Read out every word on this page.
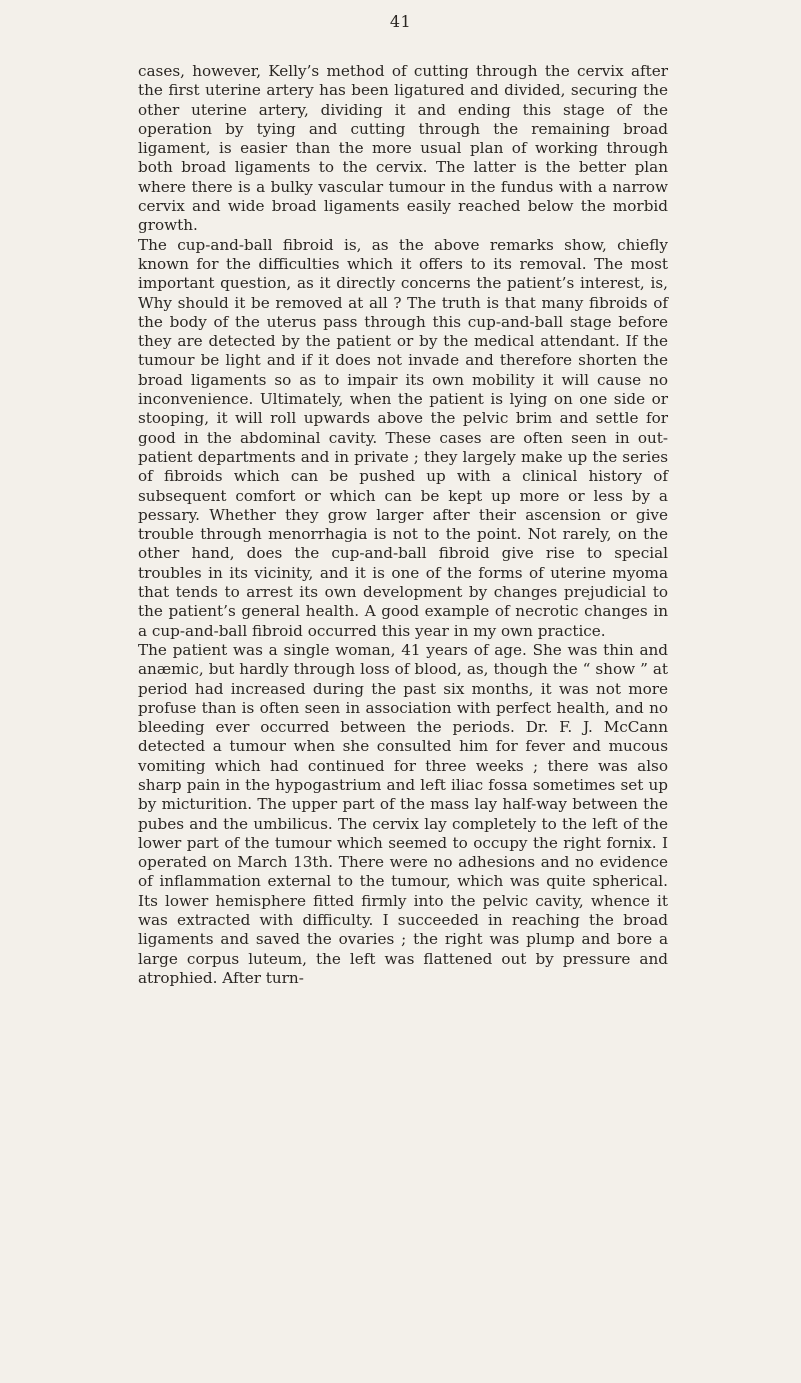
41

cases, however, Kelly’s method of cutting through the cervix after the first uterine artery has been ligatured and divided, securing the other uterine artery, dividing it and ending this stage of the operation by tying and cutting through the remaining broad ligament, is easier than the more usual plan of working through both broad ligaments to the cervix. The latter is the better plan where there is a bulky vascular tumour in the fundus with a narrow cervix and wide broad ligaments easily reached below the morbid growth.

The cup-and-ball fibroid is, as the above remarks show, chiefly known for the difficulties which it offers to its removal. The most important question, as it directly concerns the patient’s interest, is, Why should it be removed at all ? The truth is that many fibroids of the body of the uterus pass through this cup-and-ball stage before they are detected by the patient or by the medical attendant. If the tumour be light and if it does not invade and therefore shorten the broad ligaments so as to impair its own mobility it will cause no inconvenience. Ultimately, when the patient is lying on one side or stooping, it will roll upwards above the pelvic brim and settle for good in the abdominal cavity. These cases are often seen in out-patient departments and in private ; they largely make up the series of fibroids which can be pushed up with a clinical history of subsequent comfort or which can be kept up more or less by a pessary. Whether they grow larger after their ascension or give trouble through menorrhagia is not to the point. Not rarely, on the other hand, does the cup-and-ball fibroid give rise to special troubles in its vicinity, and it is one of the forms of uterine myoma that tends to arrest its own development by changes prejudicial to the patient’s general health. A good example of necrotic changes in a cup-and-ball fibroid occurred this year in my own practice.

The patient was a single woman, 41 years of age. She was thin and anæmic, but hardly through loss of blood, as, though the “ show ” at period had increased during the past six months, it was not more profuse than is often seen in association with perfect health, and no bleeding ever occurred between the periods. Dr. F. J. McCann detected a tumour when she consulted him for fever and mucous vomiting which had continued for three weeks ; there was also sharp pain in the hypogastrium and left iliac fossa sometimes set up by micturition. The upper part of the mass lay half-way between the pubes and the umbilicus. The cervix lay completely to the left of the lower part of the tumour which seemed to occupy the right fornix. I operated on March 13th. There were no adhesions and no evidence of inflammation external to the tumour, which was quite spherical. Its lower hemisphere fitted firmly into the pelvic cavity, whence it was extracted with difficulty. I succeeded in reaching the broad ligaments and saved the ovaries ; the right was plump and bore a large corpus luteum, the left was flattened out by pressure and atrophied. After turn-
